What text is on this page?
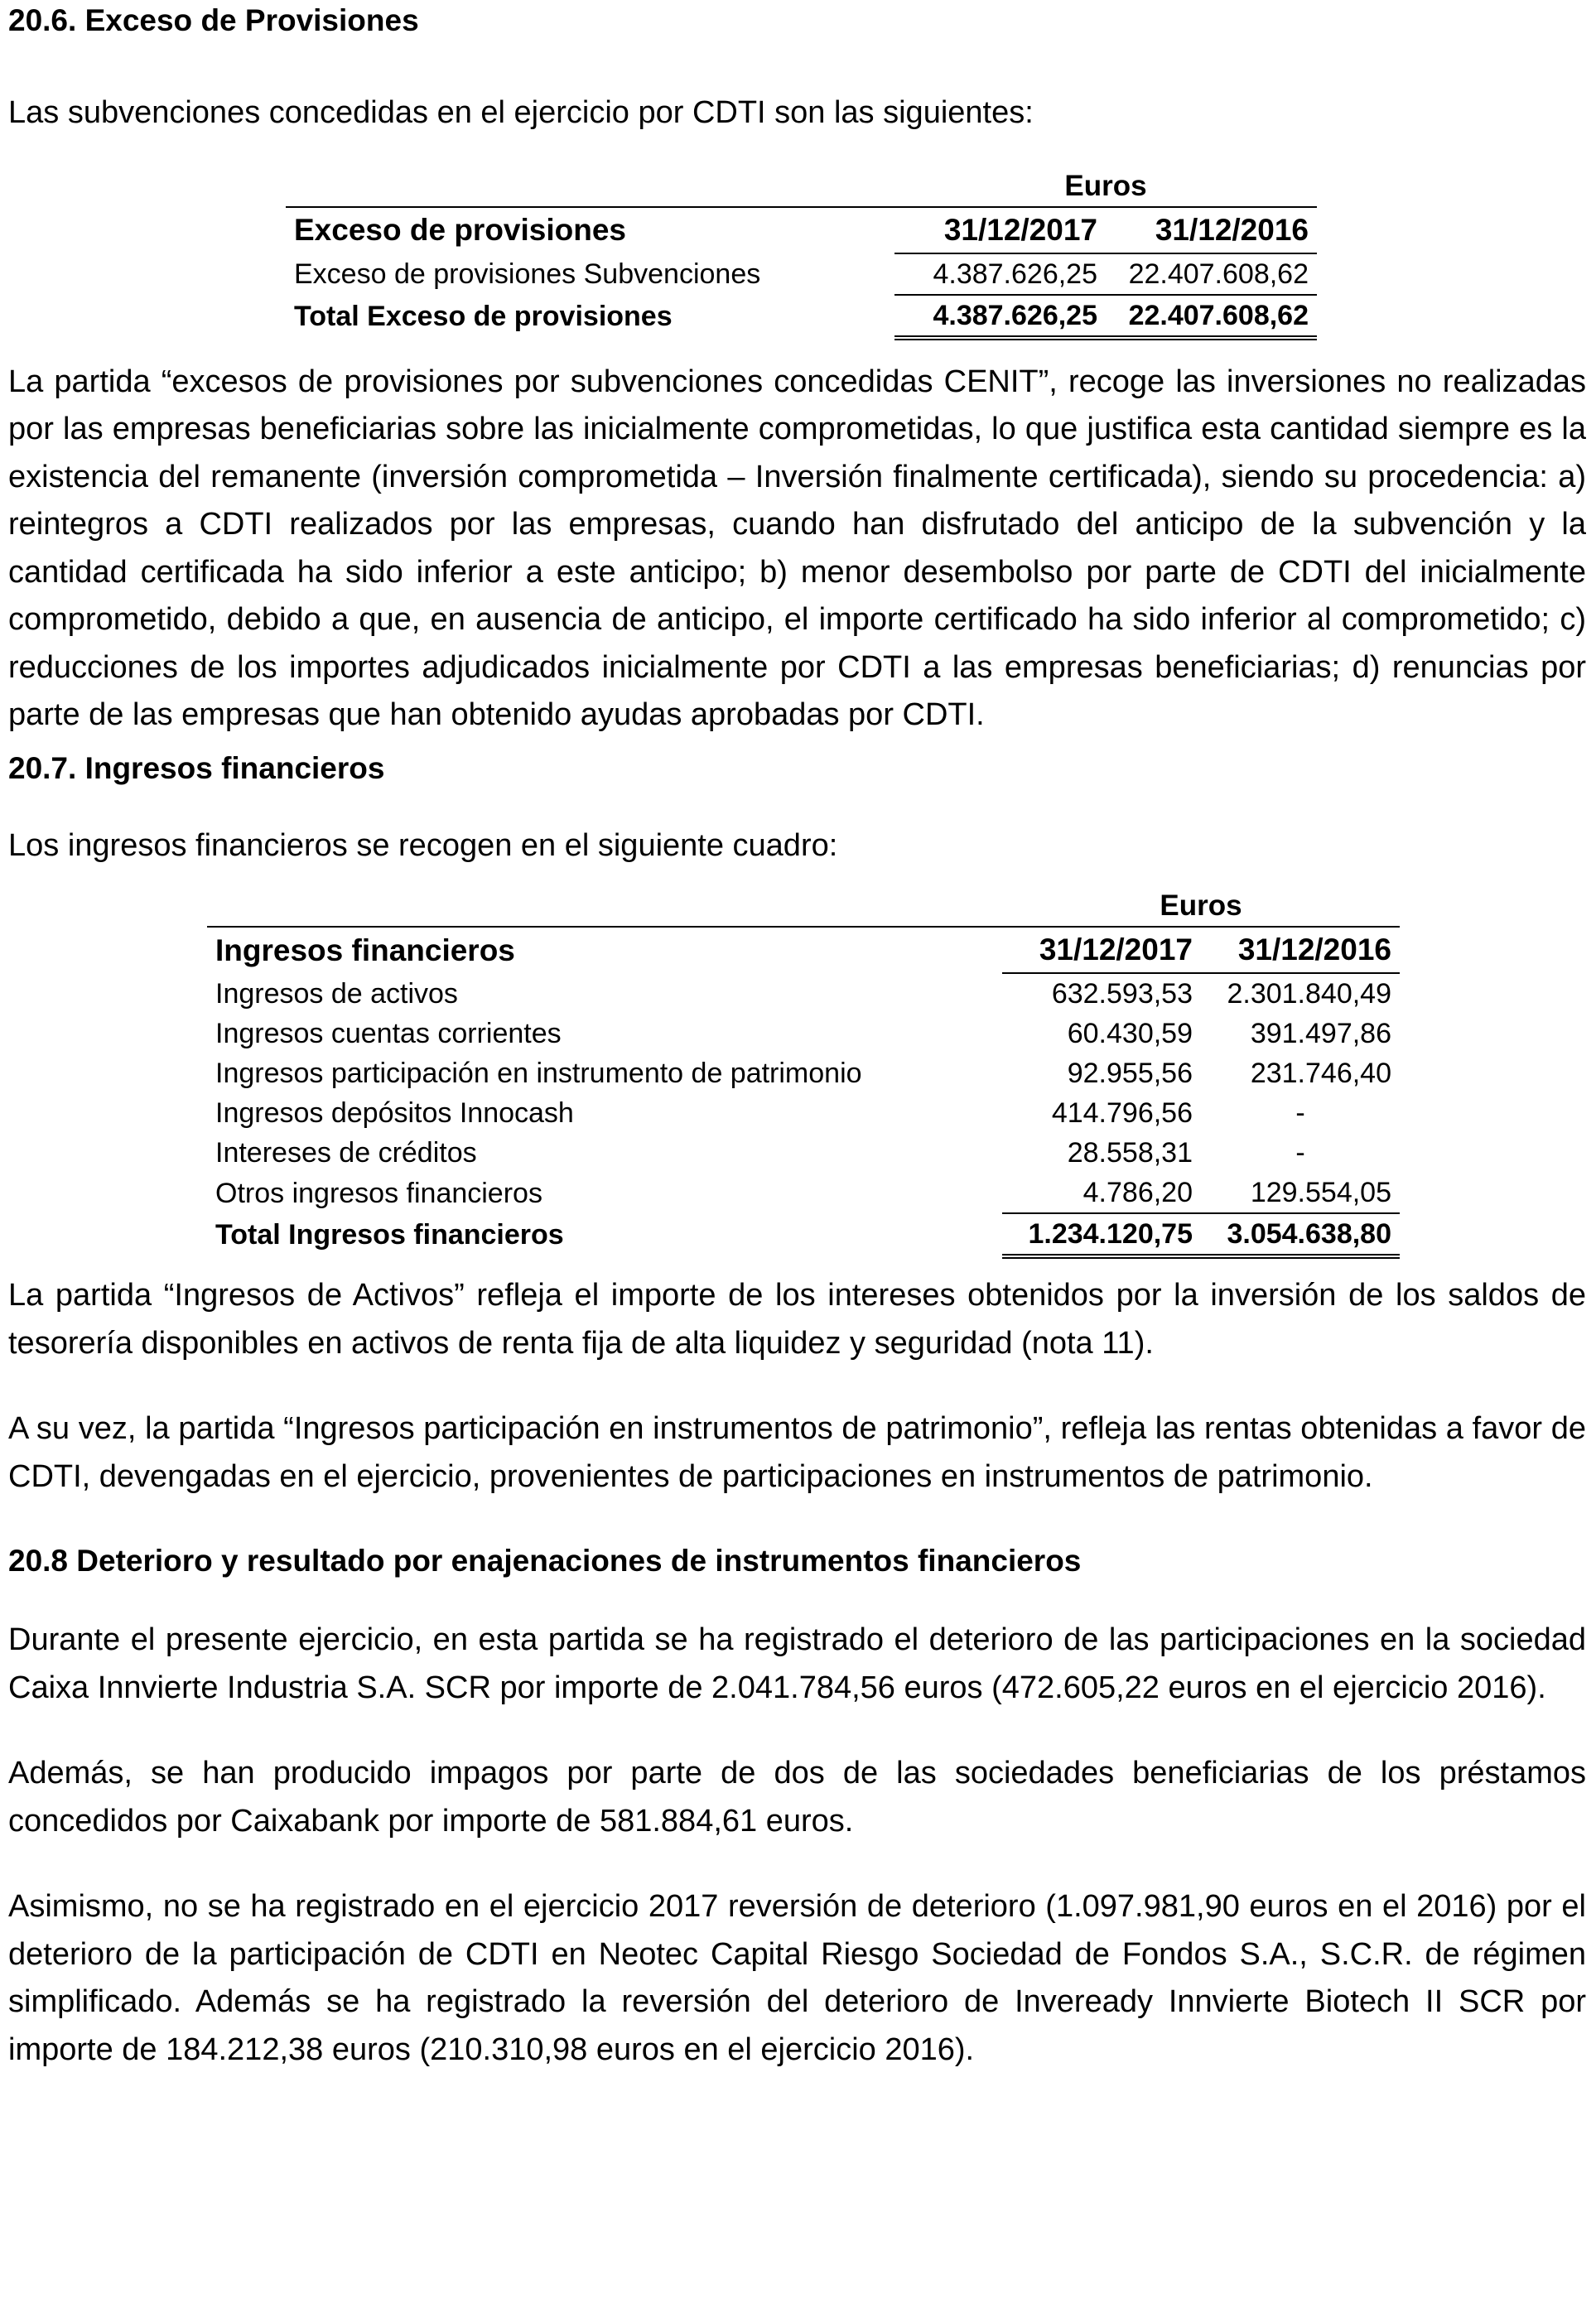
20.6. Exceso de Provisiones

Las subvenciones concedidas en el ejercicio por CDTI son las siguientes:

	Euros	
Exceso de provisiones	31/12/2017	31/12/2016
Exceso de provisiones Subvenciones	4.387.626,25	22.407.608,62
Total Exceso de provisiones	4.387.626,25	22.407.608,62

La partida “excesos de provisiones por subvenciones concedidas CENIT”, recoge las inversiones no realizadas por las empresas beneficiarias sobre las inicialmente comprometidas, lo que justifica esta cantidad siempre es la existencia del remanente (inversión comprometida – Inversión finalmente certificada), siendo su procedencia: a) reintegros a CDTI realizados por las empresas, cuando han disfrutado del anticipo de la subvención y la cantidad certificada ha sido inferior a este anticipo; b) menor desembolso por parte de CDTI del inicialmente comprometido, debido a que, en ausencia de anticipo, el importe certificado ha sido inferior al comprometido; c) reducciones de los importes adjudicados inicialmente por CDTI a las empresas beneficiarias; d) renuncias por parte de las empresas que han obtenido ayudas aprobadas por CDTI.

20.7. Ingresos financieros

Los ingresos financieros se recogen en el siguiente cuadro:

	Euros	
Ingresos financieros	31/12/2017	31/12/2016
Ingresos de activos	632.593,53	2.301.840,49
Ingresos cuentas corrientes	60.430,59	391.497,86
Ingresos participación en instrumento de patrimonio	92.955,56	231.746,40
Ingresos depósitos Innocash	414.796,56	-
Intereses de créditos	28.558,31	-
Otros ingresos financieros	4.786,20	129.554,05
Total Ingresos financieros	1.234.120,75	3.054.638,80

La partida “Ingresos de Activos” refleja el importe de los intereses obtenidos por la inversión de los saldos de tesorería disponibles en activos de renta fija de alta liquidez y seguridad (nota 11).

A su vez, la partida “Ingresos participación en instrumentos de patrimonio”, refleja las rentas obtenidas a favor de CDTI, devengadas en el ejercicio, provenientes de participaciones en instrumentos de patrimonio.

20.8 Deterioro y resultado por enajenaciones de instrumentos financieros

Durante el presente ejercicio, en esta partida se ha registrado el deterioro de las participaciones en la sociedad Caixa Innvierte Industria S.A. SCR por importe de 2.041.784,56 euros (472.605,22 euros en el ejercicio 2016).

Además, se han producido impagos por parte de dos de las sociedades beneficiarias de los préstamos concedidos por Caixabank por importe de 581.884,61 euros.

Asimismo, no se ha registrado en el ejercicio 2017 reversión de deterioro (1.097.981,90 euros en el 2016) por el deterioro de la participación de CDTI en Neotec Capital Riesgo Sociedad de Fondos S.A., S.C.R. de régimen simplificado. Además se ha registrado la reversión del deterioro de Inveready Innvierte Biotech II SCR por importe de 184.212,38 euros (210.310,98 euros en el ejercicio 2016).
